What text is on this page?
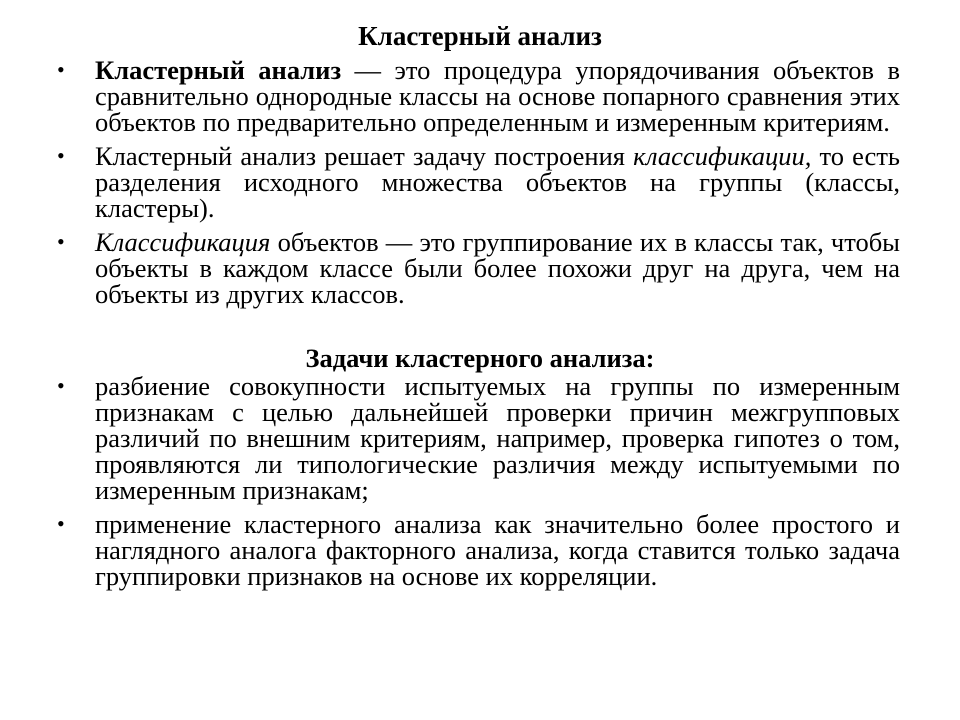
Кластерный анализ
• Кластерный анализ — это процедура упорядочивания объектов в сравнительно однородные классы на основе попарного сравнения этих объектов по предварительно определенным и измеренным критериям.
• Кластерный анализ решает задачу построения классификации, то есть разделения исходного множества объектов на группы (классы, кластеры).
• Классификация объектов — это группирование их в классы так, чтобы объекты в каждом классе были более похожи друг на друга, чем на объекты из других классов.
Задачи кластерного анализа:
• разбиение совокупности испытуемых на группы по измеренным признакам с целью дальнейшей проверки причин межгрупповых различий по внешним критериям, например, проверка гипотез о том, проявляются ли типологические различия между испытуемыми по измеренным признакам;
• применение кластерного анализа как значительно более простого и наглядного аналога факторного анализа, когда ставится только задача группировки признаков на основе их корреляции.
